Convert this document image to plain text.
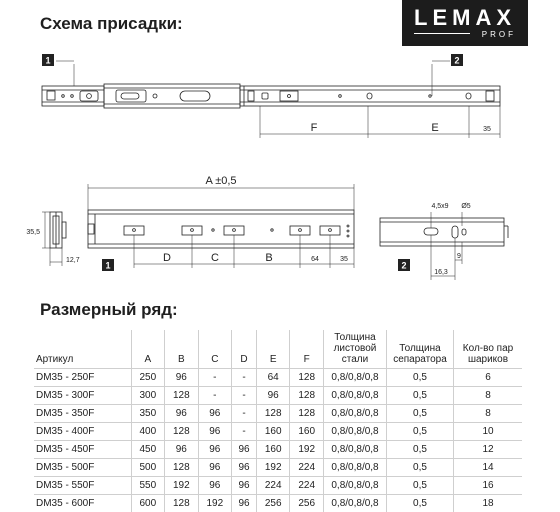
Схема присадки:	LEMAX
PROF
1	2
F	E	35
A ±0,5
35,5
12,7	D	C	B	64	35
1
4,5x9 Ø5
16,3
9
2
Размерный ряд:
Артикул	A	B	C	D	E	F	Толщина листовой стали	Толщина сепаратора	Кол-во пар шариков
DM35 - 250F	250	96	-	-	64	128	0,8/0,8/0,8	0,5	6
DM35 - 300F	300	128	-	-	96	128	0,8/0,8/0,8	0,5	8
DM35 - 350F	350	96	96	-	128	128	0,8/0,8/0,8	0,5	8
DM35 - 400F	400	128	96	-	160	160	0,8/0,8/0,8	0,5	10
DM35 - 450F	450	96	96	96	160	192	0,8/0,8/0,8	0,5	12
DM35 - 500F	500	128	96	96	192	224	0,8/0,8/0,8	0,5	14
DM35 - 550F	550	192	96	96	224	224	0,8/0,8/0,8	0,5	16
DM35 - 600F	600	128	192	96	256	256	0,8/0,8/0,8	0,5	18
